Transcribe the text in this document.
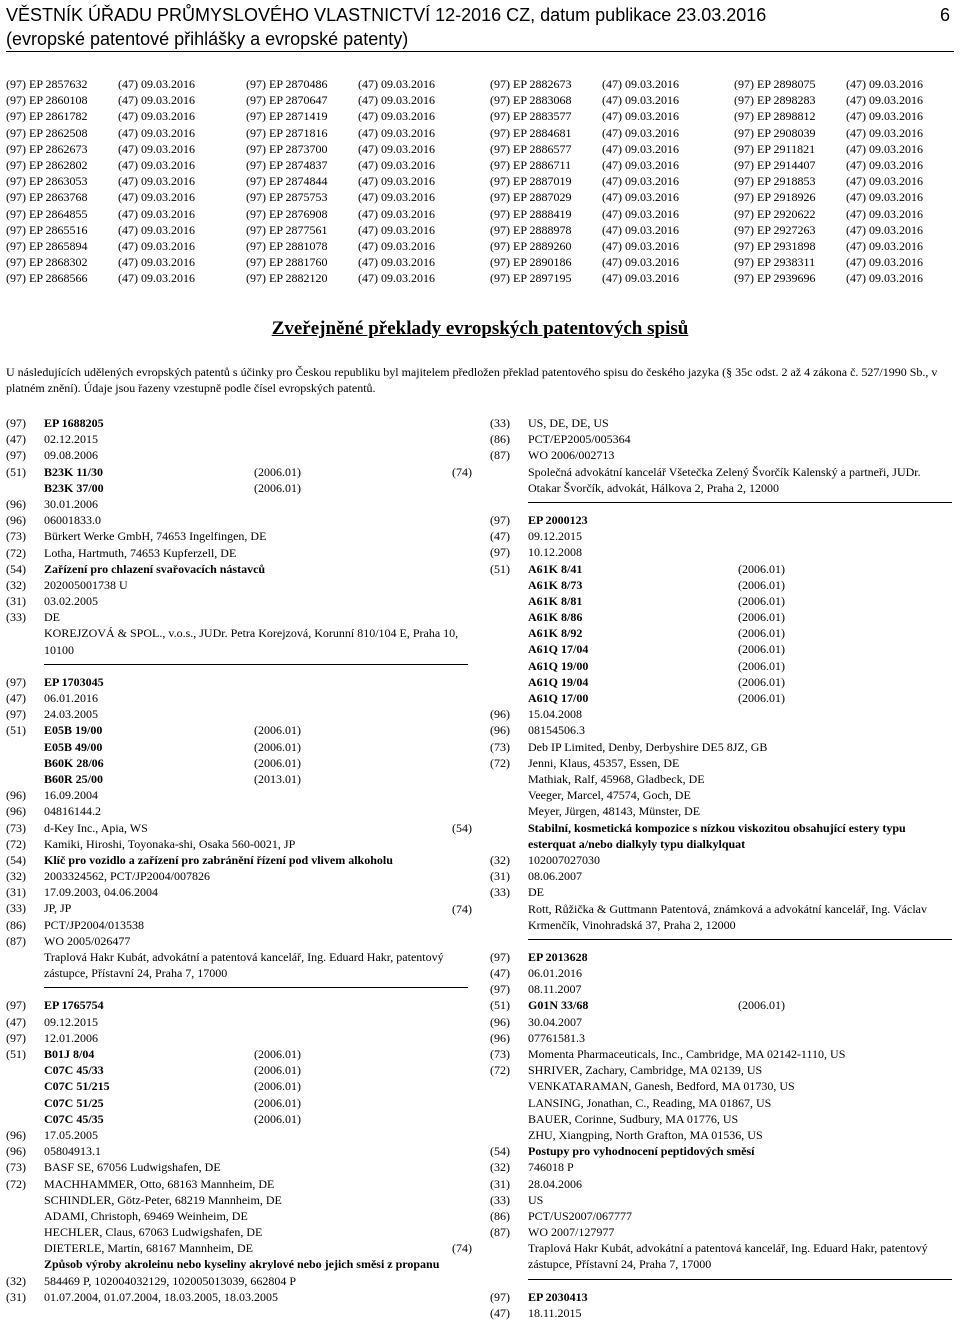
VĚSTNÍK ÚŘADU PRŮMYSLOVÉHO VLASTNICTVÍ 12-2016 CZ, datum publikace 23.03.2016
(evropské patentové přihlášky a evropské patenty)
6
(97) EP 2857632	(47) 09.03.2016
(97) EP 2860108	(47) 09.03.2016
(97) EP 2861782	(47) 09.03.2016
(97) EP 2862508	(47) 09.03.2016
(97) EP 2862673	(47) 09.03.2016
(97) EP 2862802	(47) 09.03.2016
(97) EP 2863053	(47) 09.03.2016
(97) EP 2863768	(47) 09.03.2016
(97) EP 2864855	(47) 09.03.2016
(97) EP 2865516	(47) 09.03.2016
(97) EP 2865894	(47) 09.03.2016
(97) EP 2868302	(47) 09.03.2016
(97) EP 2868566	(47) 09.03.2016
(97) EP 2870486	(47) 09.03.2016
(97) EP 2870647	(47) 09.03.2016
(97) EP 2871419	(47) 09.03.2016
(97) EP 2871816	(47) 09.03.2016
(97) EP 2873700	(47) 09.03.2016
(97) EP 2874837	(47) 09.03.2016
(97) EP 2874844	(47) 09.03.2016
(97) EP 2875753	(47) 09.03.2016
(97) EP 2876908	(47) 09.03.2016
(97) EP 2877561	(47) 09.03.2016
(97) EP 2881078	(47) 09.03.2016
(97) EP 2881760	(47) 09.03.2016
(97) EP 2882120	(47) 09.03.2016
(97) EP 2882673	(47) 09.03.2016
(97) EP 2883068	(47) 09.03.2016
(97) EP 2883577	(47) 09.03.2016
(97) EP 2884681	(47) 09.03.2016
(97) EP 2886577	(47) 09.03.2016
(97) EP 2886711	(47) 09.03.2016
(97) EP 2887019	(47) 09.03.2016
(97) EP 2887029	(47) 09.03.2016
(97) EP 2888419	(47) 09.03.2016
(97) EP 2888978	(47) 09.03.2016
(97) EP 2889260	(47) 09.03.2016
(97) EP 2890186	(47) 09.03.2016
(97) EP 2897195	(47) 09.03.2016
(97) EP 2898075	(47) 09.03.2016
(97) EP 2898283	(47) 09.03.2016
(97) EP 2898812	(47) 09.03.2016
(97) EP 2908039	(47) 09.03.2016
(97) EP 2911821	(47) 09.03.2016
(97) EP 2914407	(47) 09.03.2016
(97) EP 2918853	(47) 09.03.2016
(97) EP 2918926	(47) 09.03.2016
(97) EP 2920622	(47) 09.03.2016
(97) EP 2927263	(47) 09.03.2016
(97) EP 2931898	(47) 09.03.2016
(97) EP 2938311	(47) 09.03.2016
(97) EP 2939696	(47) 09.03.2016
Zveřejněné překlady evropských patentových spisů
U následujících udělených evropských patentů s účinky pro Českou republiku byl majitelem předložen překlad patentového spisu do českého jazyka (§ 35c odst. 2 až 4 zákona č. 527/1990 Sb., v platném znění). Údaje jsou řazeny vzestupně podle čísel evropských patentů.
(97) EP 1688205
(47) 02.12.2015
(97) 09.08.2006
(51) B23K 11/30	(2006.01)
B23K 37/00	(2006.01)
(96) 30.01.2006
(96) 06001833.0
(73) Bürkert Werke GmbH, 74653 Ingelfingen, DE
(72) Lotha, Hartmuth, 74653 Kupferzell, DE
(54) Zařízení pro chlazení svařovacích nástavců
(32) 202005001738 U
(31) 03.02.2005
(33) DE
KOREJZOVÁ & SPOL., v.o.s., JUDr. Petra Korejzová, Korunní 810/104 E, Praha 10, 10100
(97) EP 1703045
(47) 06.01.2016
(97) 24.03.2005
(51) E05B 19/00	(2006.01)
E05B 49/00	(2006.01)
B60K 28/06	(2006.01)
B60R 25/00	(2013.01)
(96) 16.09.2004
(96) 04816144.2
(73) d-Key Inc., Apia, WS
(72) Kamiki, Hiroshi, Toyonaka-shi, Osaka 560-0021, JP
(54) Klíč pro vozidlo a zařízení pro zabránění řízení pod vlivem alkoholu
(32) 2003324562, PCT/JP2004/007826
(31) 17.09.2003, 04.06.2004
(33) JP, JP
(86) PCT/JP2004/013538
(87) WO 2005/026477
Traplová Hakr Kubát, advokátní a patentová kancelář, Ing. Eduard Hakr, patentový zástupce, Přístavní 24, Praha 7, 17000
(97) EP 1765754
(47) 09.12.2015
(97) 12.01.2006
(51) B01J 8/04	(2006.01)
C07C 45/33	(2006.01)
C07C 51/215	(2006.01)
C07C 51/25	(2006.01)
C07C 45/35	(2006.01)
(96) 17.05.2005
(96) 05804913.1
(73) BASF SE, 67056 Ludwigshafen, DE
(72) MACHHAMMER, Otto, 68163 Mannheim, DE
SCHINDLER, Götz-Peter, 68219 Mannheim, DE
ADAMI, Christoph, 69469 Weinheim, DE
HECHLER, Claus, 67063 Ludwigshafen, DE
DIETERLE, Martin, 68167 Mannheim, DE
Způsob výroby akroleinu nebo kyseliny akrylové nebo jejich směsi z propanu
(32) 584469 P, 102004032129, 102005013039, 662804 P
(31) 01.07.2004, 01.07.2004, 18.03.2005, 18.03.2005
(33) US, DE, DE, US
(86) PCT/EP2005/005364
(87) WO 2006/002713
(74)	Společná advokátní kancelář Všetečka Zelený Švorčík Kalenský a partneři, JUDr. Otakar Švorčík, advokát, Hálkova 2, Praha 2, 12000
(97) EP 2000123
(47) 09.12.2015
(97) 10.12.2008
(51) A61K 8/41	(2006.01)
A61K 8/73	(2006.01)
A61K 8/81	(2006.01)
A61K 8/86	(2006.01)
A61K 8/92	(2006.01)
A61Q 17/04	(2006.01)
A61Q 19/00	(2006.01)
A61Q 19/04	(2006.01)
A61Q 17/00	(2006.01)
(96) 15.04.2008
(96) 08154506.3
(73) Deb IP Limited, Denby, Derbyshire DE5 8JZ, GB
(72) Jenni, Klaus, 45357, Essen, DE
Mathiak, Ralf, 45968, Gladbeck, DE
Veeger, Marcel, 47574, Goch, DE
Meyer, Jürgen, 48143, Münster, DE
(54)	Stabilní, kosmetická kompozice s nízkou viskozitou obsahující estery typu esterquat a/nebo dialkyly typu dialkylquat
(32) 102007027030
(31) 08.06.2007
(33) DE
(74)	Rott, Růžička & Guttmann Patentová, známková a advokátní kancelář, Ing. Václav Krmenčík, Vinohradská 37, Praha 2, 12000
(97) EP 2013628
(47) 06.01.2016
(97) 08.11.2007
(51) G01N 33/68	(2006.01)
(96) 30.04.2007
(96) 07761581.3
(73) Momenta Pharmaceuticals, Inc., Cambridge, MA 02142-1110, US
(72) SHRIVER, Zachary, Cambridge, MA 02139, US
VENKATARAMAN, Ganesh, Bedford, MA 01730, US
LANSING, Jonathan, C., Reading, MA 01867, US
BAUER, Corinne, Sudbury, MA 01776, US
ZHU, Xiangping, North Grafton, MA 01536, US
(54) Postupy pro vyhodnocení peptidových směsí
(32) 746018 P
(31) 28.04.2006
(33) US
(86) PCT/US2007/067777
(87) WO 2007/127977
(74)	Traplová Hakr Kubát, advokátní a patentová kancelář, Ing. Eduard Hakr, patentový zástupce, Přístavní 24, Praha 7, 17000
(97) EP 2030413
(47) 18.11.2015
